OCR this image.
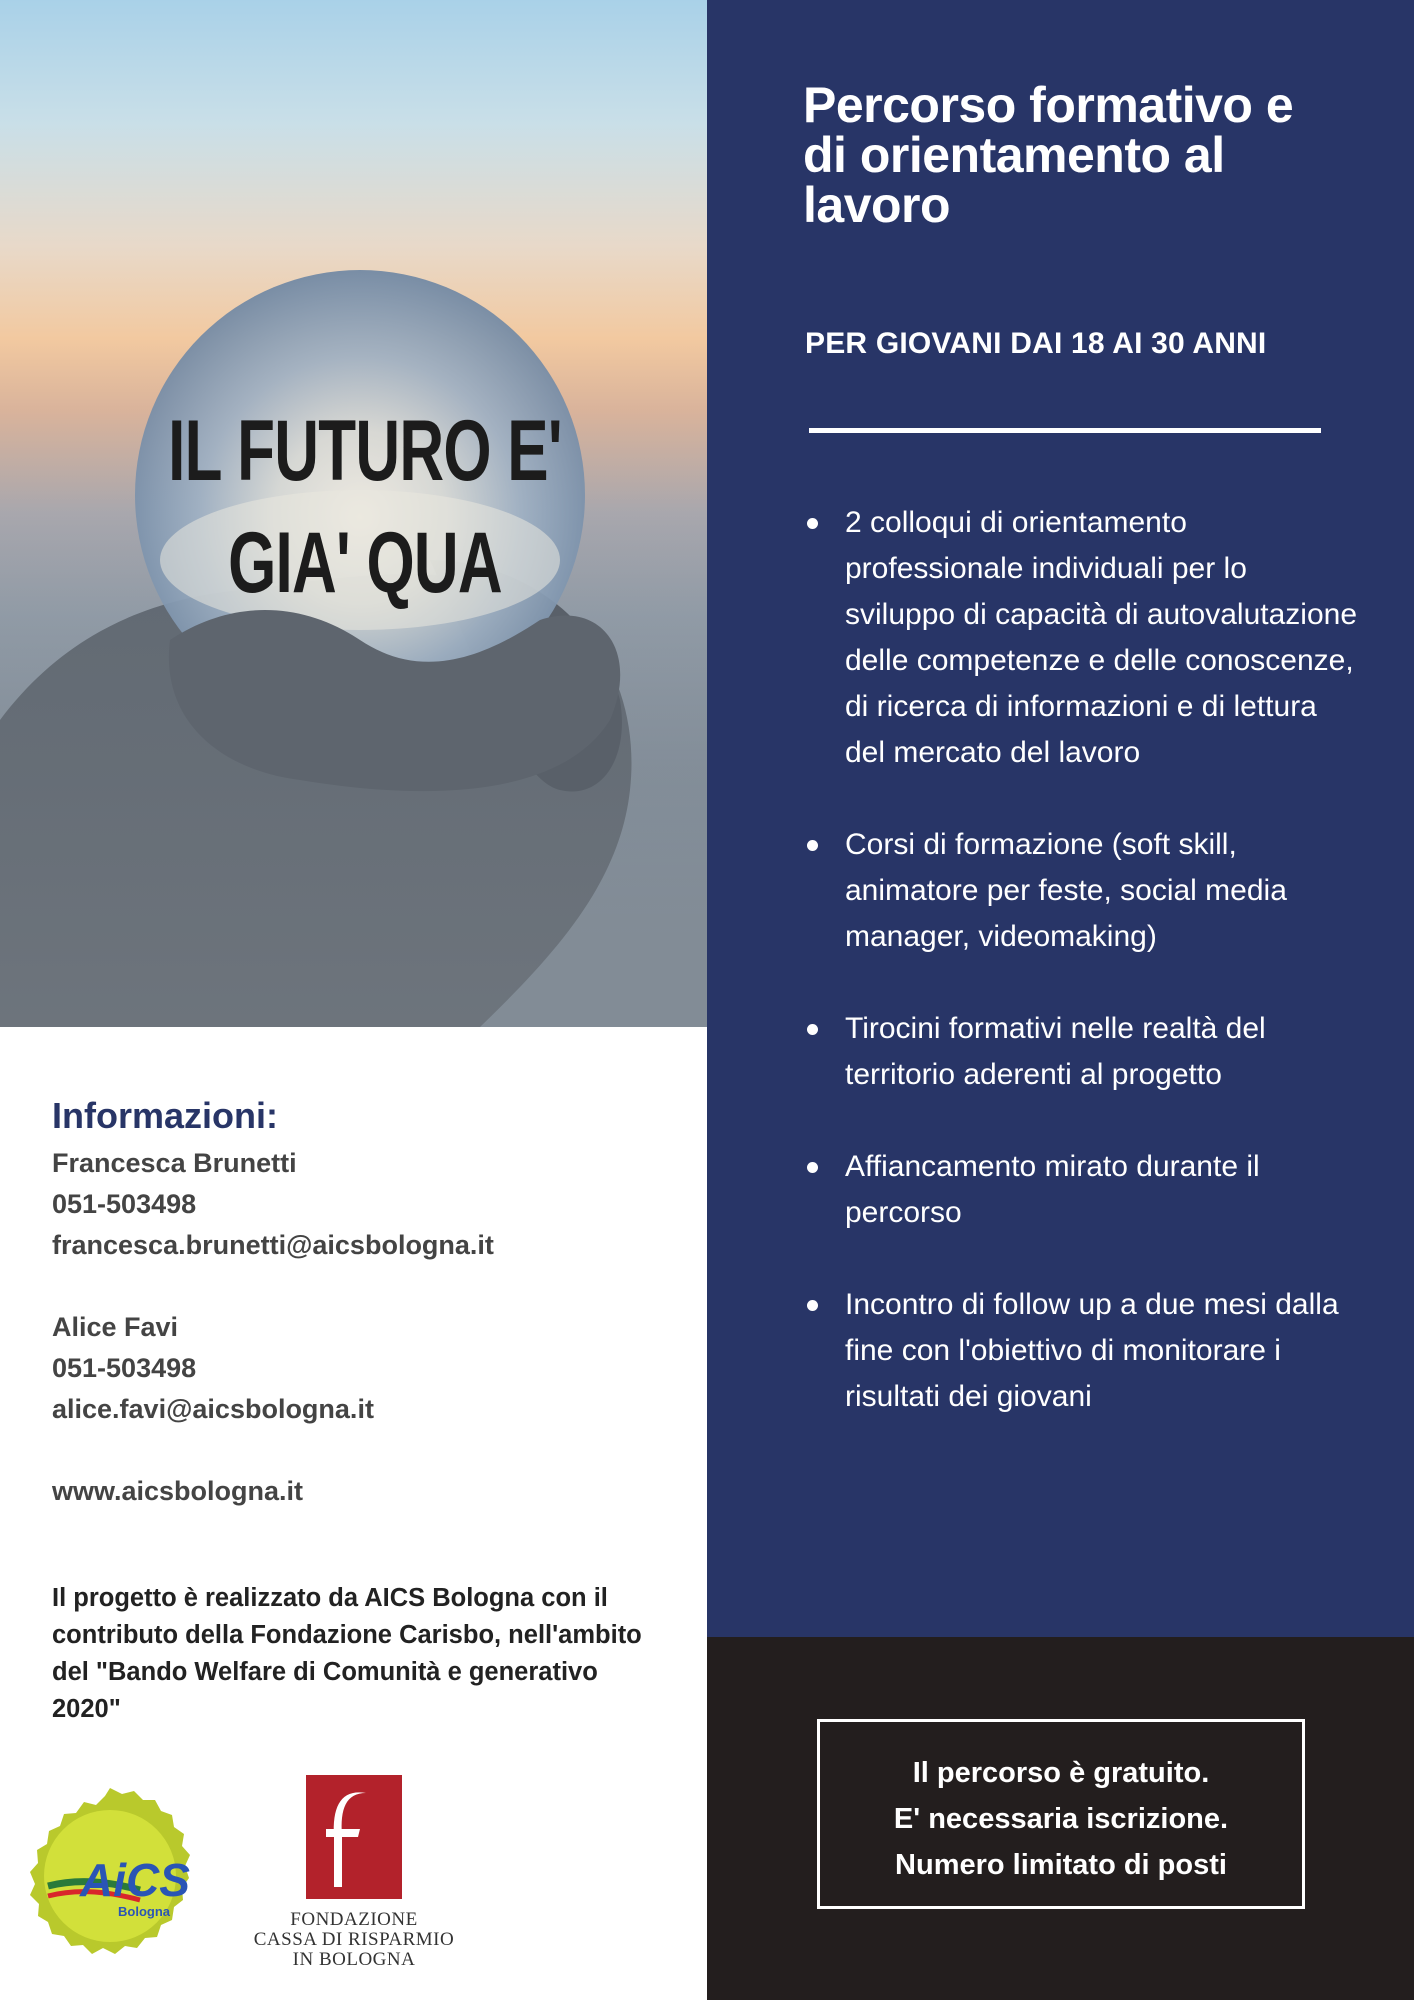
IL FUTURO E'
GIA' QUA
Percorso formativo e di orientamento al lavoro

PER GIOVANI DAI 18 AI 30 ANNI

2 colloqui di orientamento professionale individuali per lo sviluppo di capacità di autovalutazione delle competenze e delle conoscenze, di ricerca di informazioni e di lettura del mercato del lavoro
Corsi di formazione (soft skill, animatore per feste, social media manager, videomaking)
Tirocini formativi nelle realtà del territorio aderenti al progetto
Affiancamento mirato durante il percorso
Incontro di follow up a due mesi dalla fine con l'obiettivo di monitorare i risultati dei giovani
Il percorso è gratuito.
E' necessaria iscrizione.
Numero limitato di posti
Informazioni:
Francesca Brunetti
051-503498
francesca.brunetti@aicsbologna.it
Alice Favi
051-503498
alice.favi@aicsbologna.it
www.aicsbologna.it
Il progetto è realizzato da AICS Bologna con il contributo della Fondazione Carisbo, nell'ambito del "Bando Welfare di Comunità e generativo 2020"
AiCS
Bologna	FONDAZIONE
CASSA DI RISPARMIO
IN BOLOGNA
